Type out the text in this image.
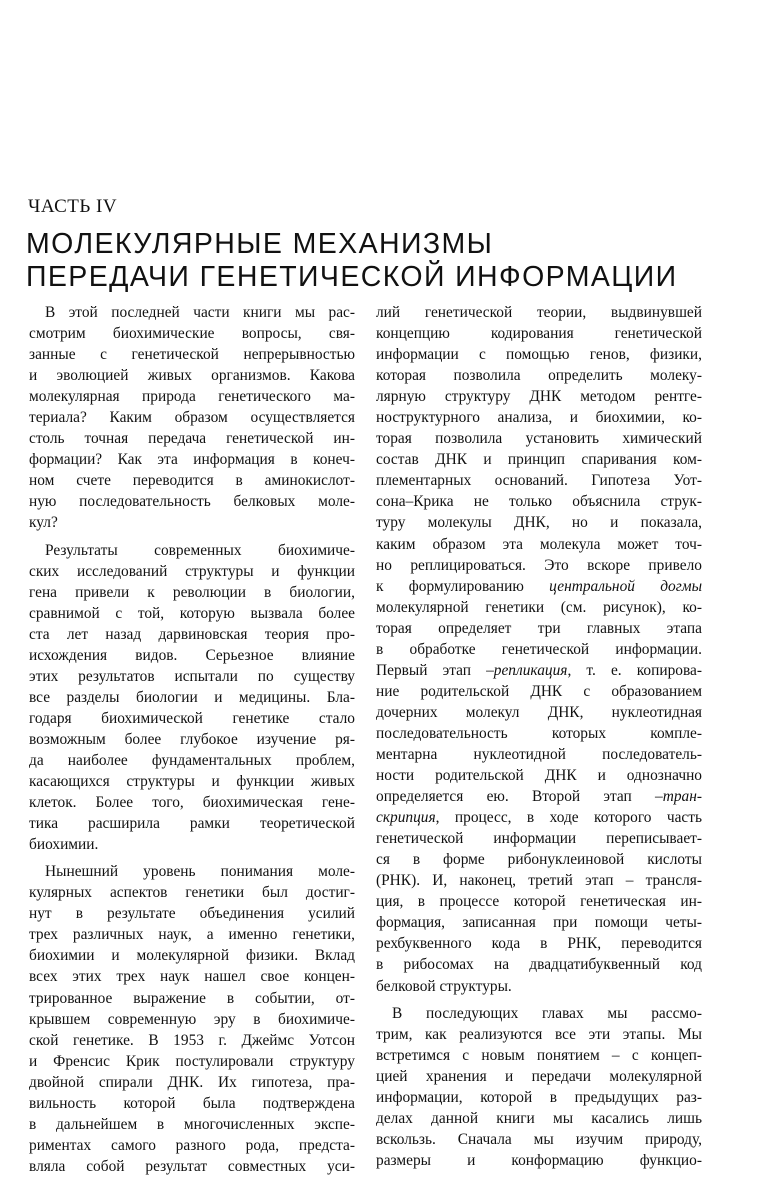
ЧАСТЬ IV
МОЛЕКУЛЯРНЫЕ МЕХАНИЗМЫ
ПЕРЕДАЧИ ГЕНЕТИЧЕСКОЙ ИНФОРМАЦИИ

В этой последней части книги мы рас-
смотрим биохимические вопросы, свя-
занные с генетической непрерывностью
и эволюцией живых организмов. Какова
молекулярная природа генетического ма-
териала? Каким образом осуществляется
столь точная передача генетической ин-
формации? Как эта информация в конеч-
ном счете переводится в аминокислот-
ную последовательность белковых моле-
кул?

Результаты современных биохимиче-
ских исследований структуры и функции
гена привели к революции в биологии,
сравнимой с той, которую вызвала более
ста лет назад дарвиновская теория про-
исхождения видов. Серьезное влияние
этих результатов испытали по существу
все разделы биологии и медицины. Бла-
годаря биохимической генетике стало
возможным более глубокое изучение ря-
да наиболее фундаментальных проблем,
касающихся структуры и функции живых
клеток. Более того, биохимическая гене-
тика расширила рамки теоретической
биохимии.

Нынешний уровень понимания моле-
кулярных аспектов генетики был достиг-
нут в результате объединения усилий
трех различных наук, а именно генетики,
биохимии и молекулярной физики. Вклад
всех этих трех наук нашел свое концен-
трированное выражение в событии, от-
крывшем современную эру в биохимиче-
ской генетике. В 1953 г. Джеймс Уотсон
и Френсис Крик постулировали структуру
двойной спирали ДНК. Их гипотеза, пра-
вильность которой была подтверждена
в дальнейшем в многочисленных экспе-
риментах самого разного рода, предста-
вляла собой результат совместных уси-

лий генетической теории, выдвинувшей
концепцию кодирования генетической
информации с помощью генов, физики,
которая позволила определить молеку-
лярную структуру ДНК методом рентге-
ноструктурного анализа, и биохимии, ко-
торая позволила установить химический
состав ДНК и принцип спаривания ком-
плементарных оснований. Гипотеза Уот-
сона–Крика не только объяснила струк-
туру молекулы ДНК, но и показала,
каким образом эта молекула может точ-
но реплицироваться. Это вскоре привело
к формулированию центральной догмы
молекулярной генетики (см. рисунок), ко-
торая определяет три главных этапа
в обработке генетической информации.
Первый этап –репликация, т. е. копирова-
ние родительской ДНК с образованием
дочерних молекул ДНК, нуклеотидная
последовательность которых компле-
ментарна нуклеотидной последователь-
ности родительской ДНК и однозначно
определяется ею. Второй этап –тран-
скрипция, процесс, в ходе которого часть
генетической информации переписывает-
ся в форме рибонуклеиновой кислоты
(РНК). И, наконец, третий этап – трансля-
ция, в процессе которой генетическая ин-
формация, записанная при помощи четы-
рехбуквенного кода в РНК, переводится
в рибосомах на двадцатибуквенный код
белковой структуры.

В последующих главах мы рассмо-
трим, как реализуются все эти этапы. Мы
встретимся с новым понятием – с концеп-
цией хранения и передачи молекулярной
информации, которой в предыдущих раз-
делах данной книги мы касались лишь
вскользь. Сначала мы изучим природу,
размеры и конформацию функцио-
